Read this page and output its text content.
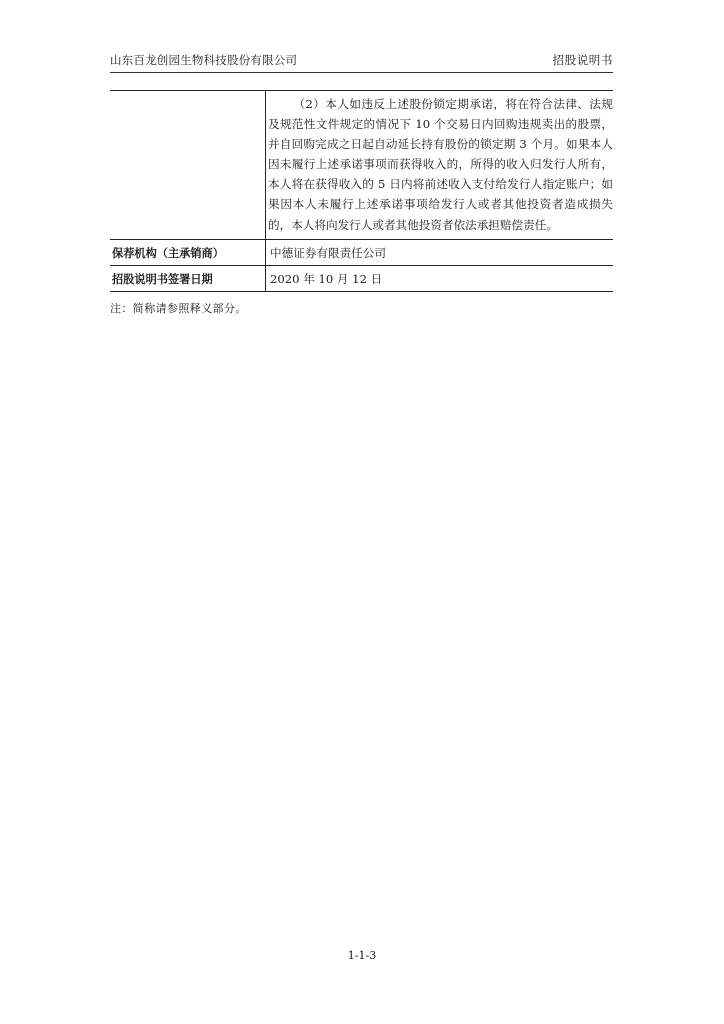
山东百龙创园生物科技股份有限公司	招股说明书

	（2）本人如违反上述股份锁定期承诺，将在符合法律、法规及规范性文件规定的情况下 10 个交易日内回购违规卖出的股票，并自回购完成之日起自动延长持有股份的锁定期 3 个月。如果本人因未履行上述承诺事项而获得收入的，所得的收入归发行人所有，本人将在获得收入的 5 日内将前述收入支付给发行人指定账户；如果因本人未履行上述承诺事项给发行人或者其他投资者造成损失的，本人将向发行人或者其他投资者依法承担赔偿责任。

保荐机构（主承销商）	中德证券有限责任公司
招股说明书签署日期	2020 年 10 月 12 日
注：简称请参照释义部分。
1-1-3
